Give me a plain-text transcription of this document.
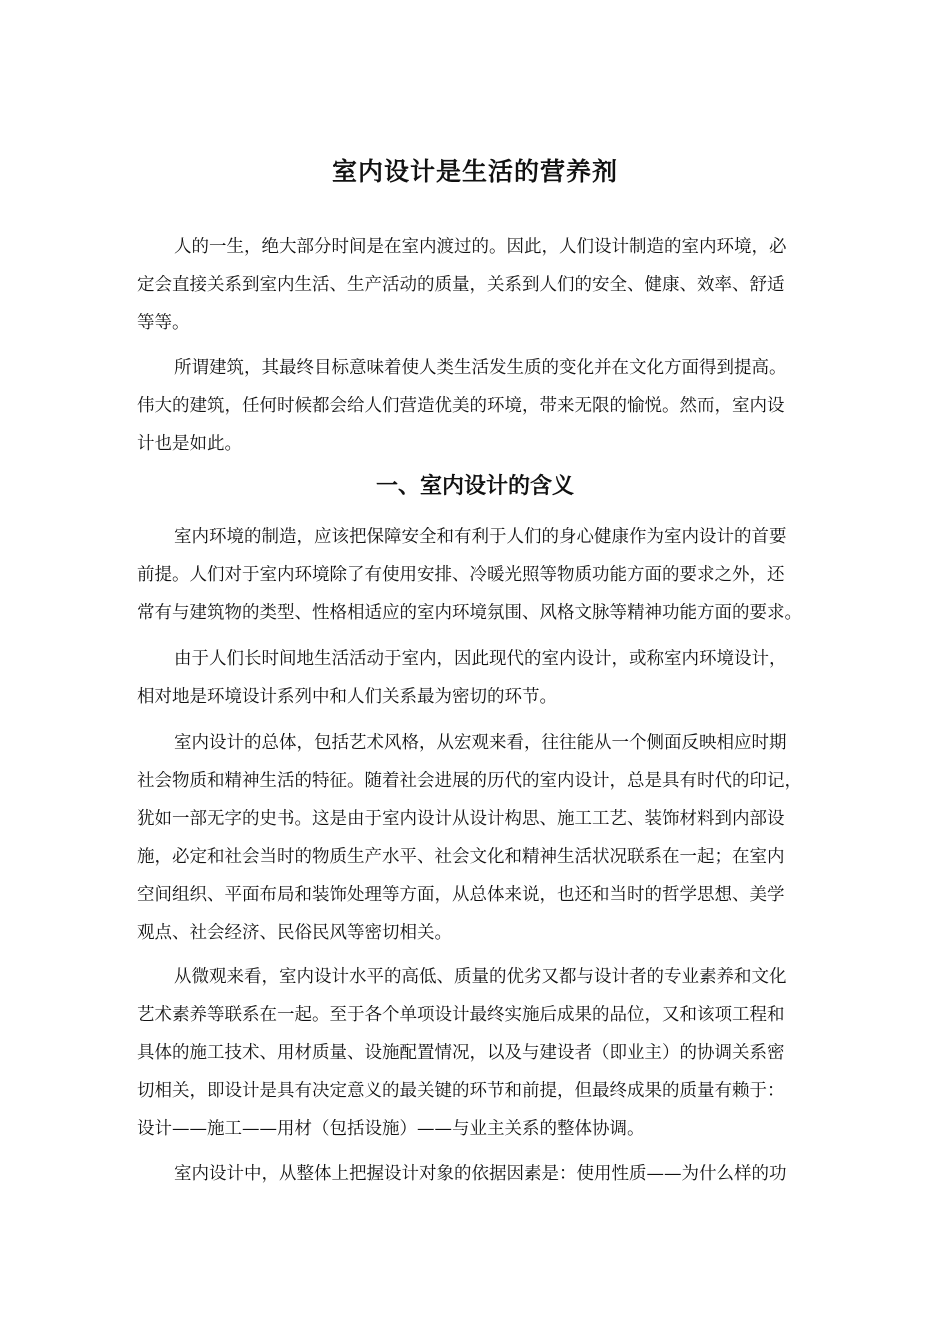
室内设计是生活的营养剂

人的一生，绝大部分时间是在室内渡过的。因此，人们设计制造的室内环境，必
定会直接关系到室内生活、生产活动的质量，关系到人们的安全、健康、效率、舒适
等等。

所谓建筑，其最终目标意味着使人类生活发生质的变化并在文化方面得到提高。
伟大的建筑，任何时候都会给人们营造优美的环境，带来无限的愉悦。然而，室内设
计也是如此。

一、室内设计的含义

室内环境的制造，应该把保障安全和有利于人们的身心健康作为室内设计的首要
前提。人们对于室内环境除了有使用安排、冷暖光照等物质功能方面的要求之外，还
常有与建筑物的类型、性格相适应的室内环境氛围、风格文脉等精神功能方面的要求。

由于人们长时间地生活活动于室内，因此现代的室内设计，或称室内环境设计，
相对地是环境设计系列中和人们关系最为密切的环节。

室内设计的总体，包括艺术风格，从宏观来看，往往能从一个侧面反映相应时期
社会物质和精神生活的特征。随着社会进展的历代的室内设计，总是具有时代的印记，
犹如一部无字的史书。这是由于室内设计从设计构思、施工工艺、装饰材料到内部设
施，必定和社会当时的物质生产水平、社会文化和精神生活状况联系在一起；在室内
空间组织、平面布局和装饰处理等方面，从总体来说，也还和当时的哲学思想、美学
观点、社会经济、民俗民风等密切相关。

从微观来看，室内设计水平的高低、质量的优劣又都与设计者的专业素养和文化
艺术素养等联系在一起。至于各个单项设计最终实施后成果的品位，又和该项工程和
具体的施工技术、用材质量、设施配置情况，以及与建设者（即业主）的协调关系密
切相关，即设计是具有决定意义的最关键的环节和前提，但最终成果的质量有赖于：
设计——施工——用材（包括设施）——与业主关系的整体协调。

室内设计中，从整体上把握设计对象的依据因素是：使用性质——为什么样的功
